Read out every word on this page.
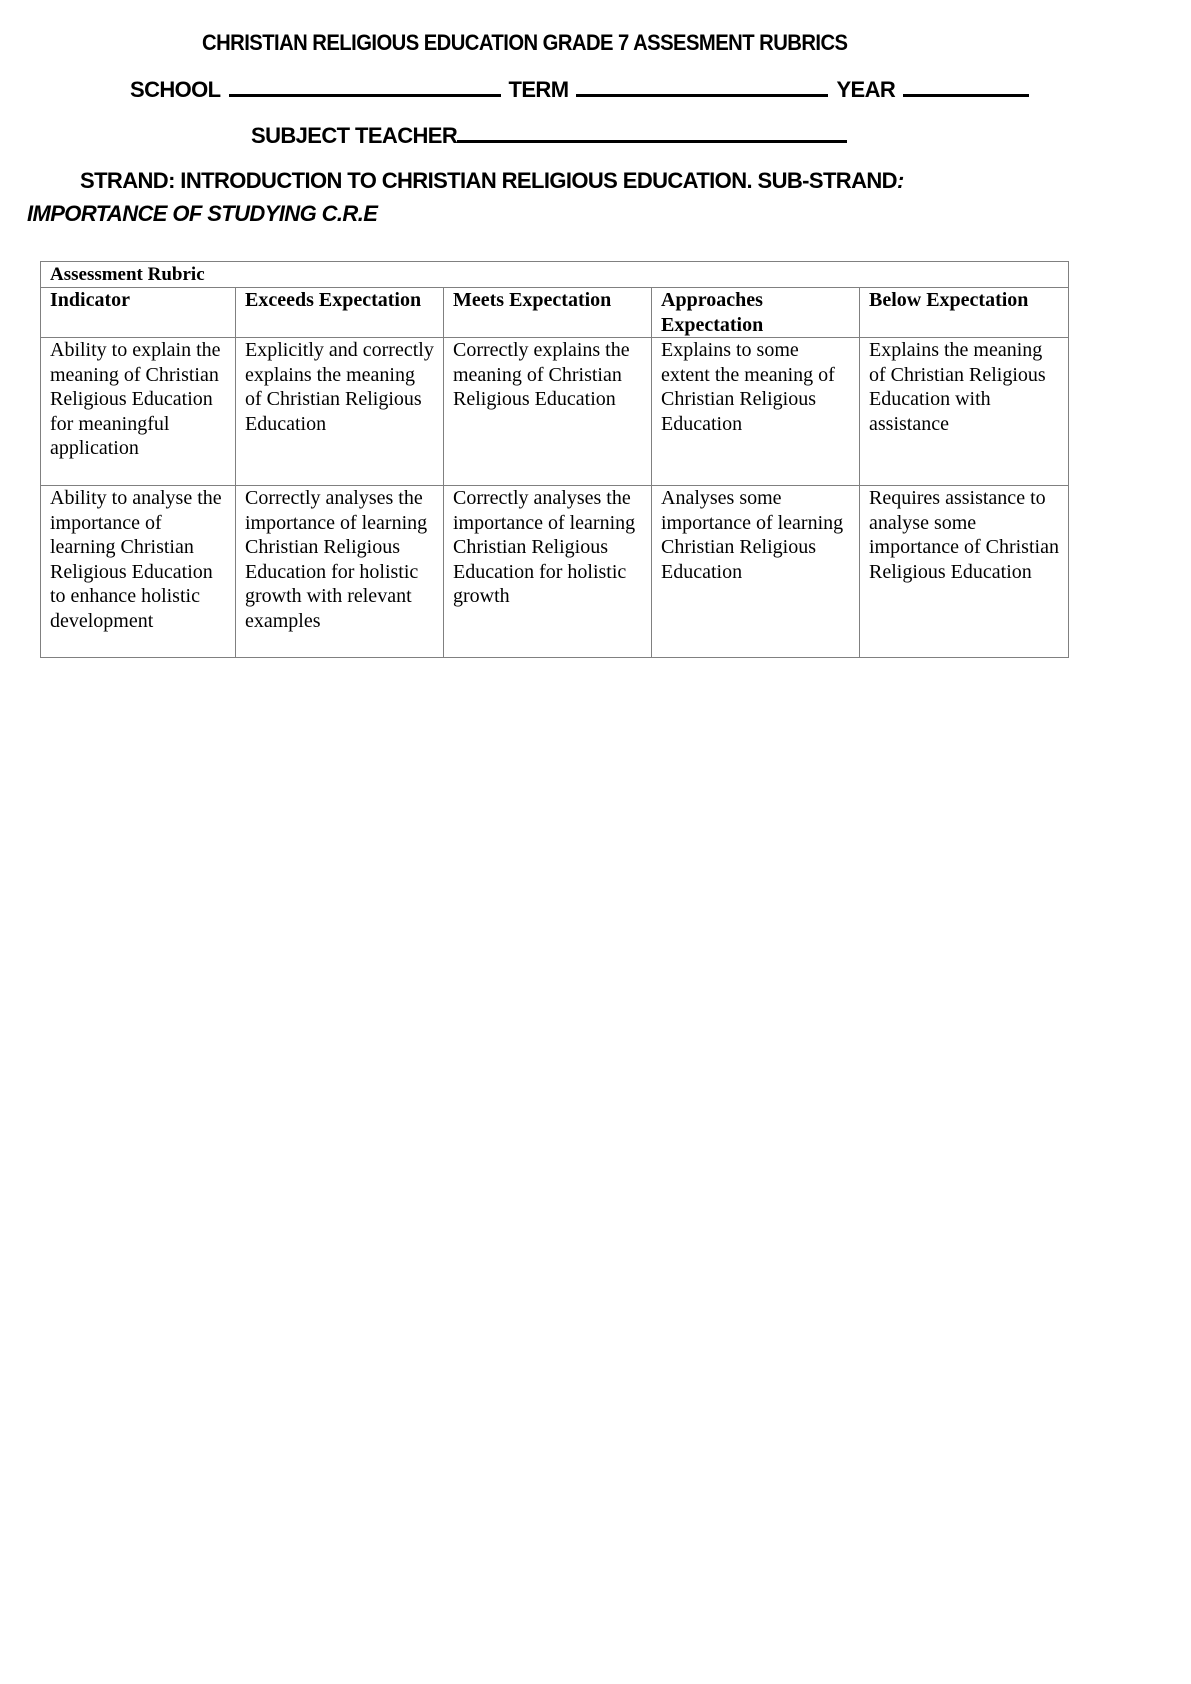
CHRISTIAN RELIGIOUS EDUCATION GRADE 7 ASSESMENT RUBRICS
SCHOOL	TERM	YEAR
SUBJECT TEACHER
STRAND: INTRODUCTION TO CHRISTIAN RELIGIOUS EDUCATION. SUB-STRAND:
IMPORTANCE OF STUDYING C.R.E
Assessment Rubric				
Indicator	Exceeds Expectation	Meets Expectation	Approaches Expectation	Below Expectation
Ability to explain the meaning of Christian Religious Education for meaningful application	Explicitly and correctly explains the meaning of Christian Religious Education	Correctly explains the meaning of Christian Religious Education	Explains to some extent the meaning of Christian Religious Education	Explains the meaning of Christian Religious Education with assistance
Ability to analyse the importance of learning Christian Religious Education to enhance holistic development	Correctly analyses the importance of learning Christian Religious Education for holistic growth with relevant examples	Correctly analyses the importance of learning Christian Religious Education for holistic growth	Analyses some importance of learning Christian Religious Education	Requires assistance to analyse some importance of Christian Religious Education
